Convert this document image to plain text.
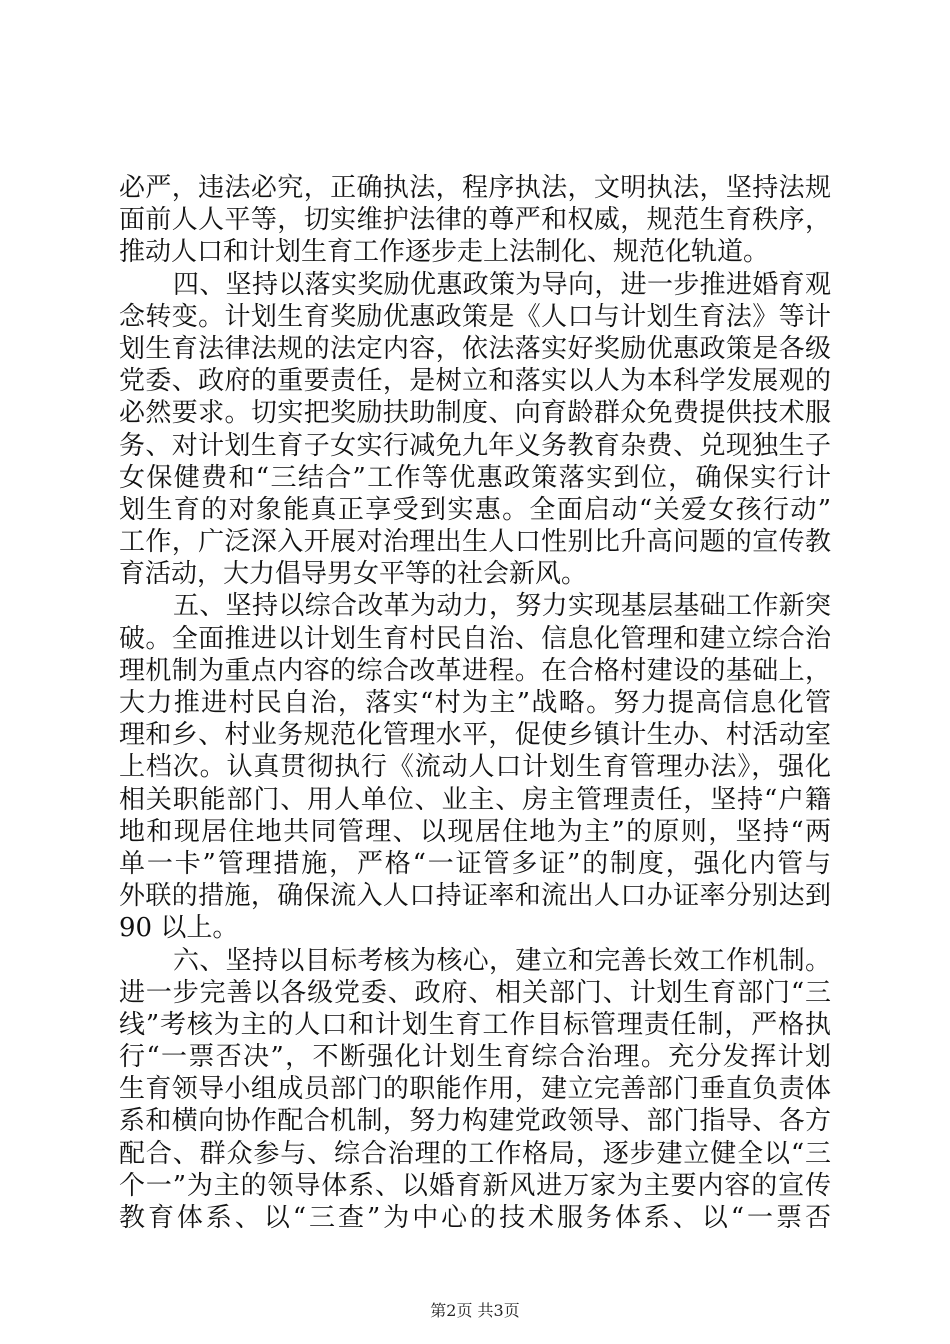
必严，违法必究，正确执法，程序执法，文明执法，坚持法规
面前人人平等，切实维护法律的尊严和权威，规范生育秩序，
推动人口和计划生育工作逐步走上法制化、规范化轨道。
四、坚持以落实奖励优惠政策为导向，进一步推进婚育观
念转变。计划生育奖励优惠政策是《人口与计划生育法》等计
划生育法律法规的法定内容，依法落实好奖励优惠政策是各级
党委、政府的重要责任，是树立和落实以人为本科学发展观的
必然要求。切实把奖励扶助制度、向育龄群众免费提供技术服
务、对计划生育子女实行减免九年义务教育杂费、兑现独生子
女保健费和“三结合”工作等优惠政策落实到位，确保实行计
划生育的对象能真正享受到实惠。全面启动“关爱女孩行动”
工作，广泛深入开展对治理出生人口性别比升高问题的宣传教
育活动，大力倡导男女平等的社会新风。
五、坚持以综合改革为动力，努力实现基层基础工作新突
破。全面推进以计划生育村民自治、信息化管理和建立综合治
理机制为重点内容的综合改革进程。在合格村建设的基础上，
大力推进村民自治，落实“村为主”战略。努力提高信息化管
理和乡、村业务规范化管理水平，促使乡镇计生办、村活动室
上档次。认真贯彻执行《流动人口计划生育管理办法》，强化
相关职能部门、用人单位、业主、房主管理责任，坚持“户籍
地和现居住地共同管理、以现居住地为主”的原则，坚持“两
单一卡”管理措施，严格“一证管多证”的制度，强化内管与
外联的措施，确保流入人口持证率和流出人口办证率分别达到
90 以上。
六、坚持以目标考核为核心，建立和完善长效工作机制。
进一步完善以各级党委、政府、相关部门、计划生育部门“三
线”考核为主的人口和计划生育工作目标管理责任制，严格执
行“一票否决”，不断强化计划生育综合治理。充分发挥计划
生育领导小组成员部门的职能作用，建立完善部门垂直负责体
系和横向协作配合机制，努力构建党政领导、部门指导、各方
配合、群众参与、综合治理的工作格局，逐步建立健全以“三
个一”为主的领导体系、以婚育新风进万家为主要内容的宣传
教育体系、以“三查”为中心的技术服务体系、以“一票否
第2页 共3页
